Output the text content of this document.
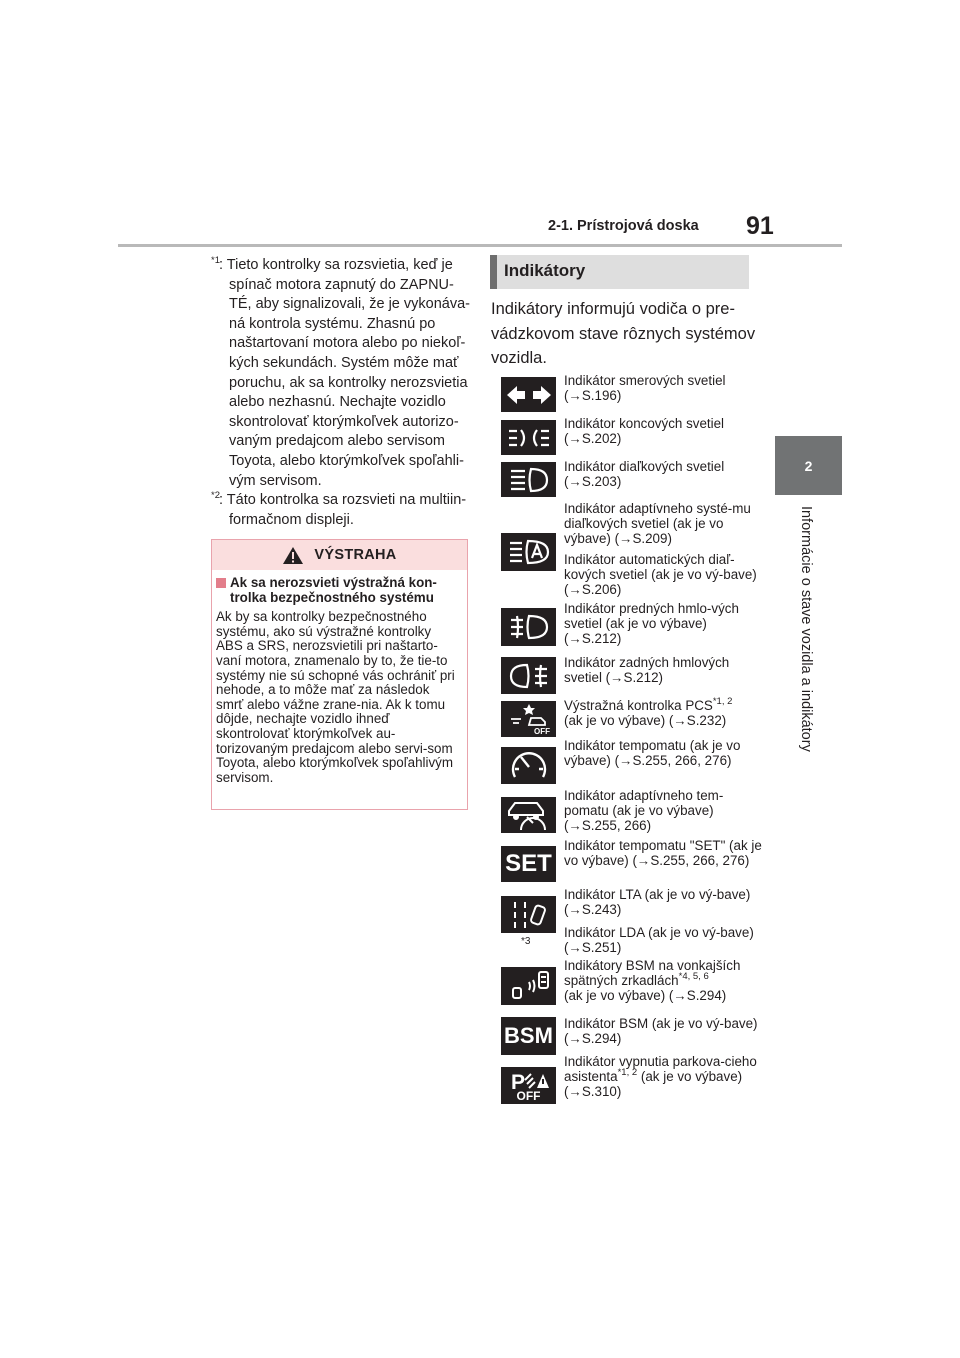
2-1. Prístrojová doska 91
2
Informácie o stave vozidla a indikátory
$^{*1}$ : Tieto kontrolky sa rozsvietia, keď je spínač motora zapnutý do ZAPNU-TÉ, aby signalizovali, že je vykonáva-ná kontrola systému. Zhasnú po naštartovaní motora alebo po niekoľ-kých sekundách. Systém môže mať poruchu, ak sa kontrolky nerozsvietia alebo nezhasnú. Nechajte vozidlo skontrolovať ktorýmkoľvek autorizo-vaným predajcom alebo servisom Toyota, alebo ktorýmkoľvek spoľahli-vým servisom.
$^{*2}$ : Táto kontrolka sa rozsvieti na multiin-formačnom displeji.
VÝSTRAHA
Ak sa nerozsvieti výstražná kon-trolka bezpečnostného systému
Ak by sa kontrolky bezpečnostného systému, ako sú výstražné kontrolky ABS a SRS, nerozsvietili pri naštarto-vaní motora, znamenalo by to, že tie-to systémy nie sú schopné vás ochrániť pri nehode, a to môže mať za následok smrť alebo vážne zrane-nia. Ak k tomu dôjde, nechajte vozidlo ihneď skontrolovať ktorýmkoľvek au-torizovaným predajcom alebo servi-som Toyota, alebo ktorýmkoľvek spoľahlivým servisom.
Indikátory
Indikátory informujú vodiča o pre-vádzkovom stave rôznych systémov vozidla.
OFF
SET
*3
BSM
P
OFF
Indikátor smerových svetiel (→S.196)
Indikátor koncových svetiel (→S.202)
Indikátor diaľkových svetiel (→S.203)
Indikátor adaptívneho systé-mu diaľkových svetiel (ak je vo výbave) (→S.209)
Indikátor automatických diaľ-kových svetiel (ak je vo vý-bave) (→S.206)
Indikátor predných hmlo-vých svetiel (ak je vo výbave) (→S.212)
Indikátor zadných hmlových svetiel (→S.212)
Výstražná kontrolka PCS$^{*1, 2}$
(ak je vo výbave) (→S.232)
Indikátor tempomatu (ak je vo výbave) (→S.255, 266, 276)
Indikátor adaptívneho tem-pomatu (ak je vo výbave) (→S.255, 266)
Indikátor tempomatu "SET" (ak je vo výbave) (→S.255, 266, 276)
Indikátor LTA (ak je vo vý-bave) (→S.243)
Indikátor LDA (ak je vo vý-bave) (→S.251)
Indikátory BSM na vonkajších spätných zrkadlách$^{*4, 5, 6}$
(ak je vo výbave) (→S.294)
Indikátor BSM (ak je vo vý-bave) (→S.294)
Indikátor vypnutia parkova-cieho asistenta$^{*1, 2}$ (ak je vo výbave) (→S.310)
